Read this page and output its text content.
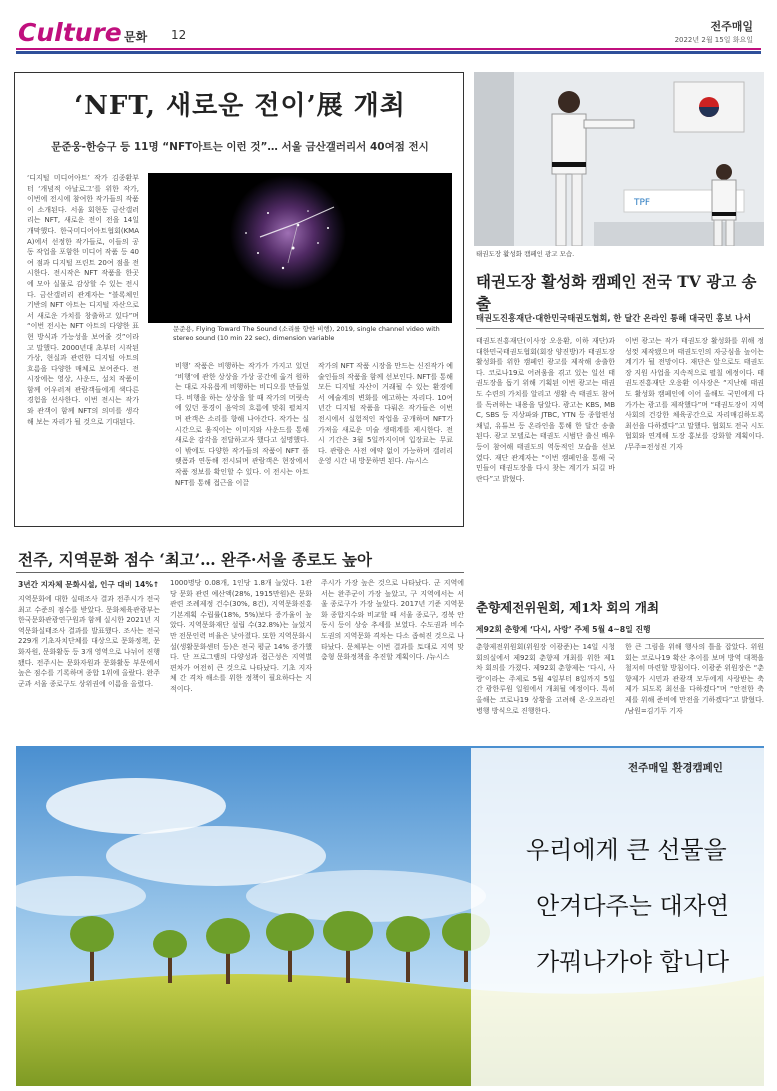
Culture 문화 12
전주매일
2022년 2월 15일 화요일
‘NFT, 새로운 전이’展 개최
문준웅-한승구 등 11명 “NFT아트는 이런 것”… 서울 금산갤러리서 40여점 전시
‘디지털 미디어아트’ 작가 김종환부터 ‘개념적 아날로그’를 위한 작가, 이번에 전시에 참여한 작가들의 작품이 소개된다. 서울 회현동 금산갤러리는 NFT, 새로운 전이 전을 14일 개막했다. 한국미디어아트협회(KMAA)에서 선정한 작가들로, 이들의 공동 작업을 포함한 미디어 작품 등 40여 점과 디지털 프린트 20여 점을 전시한다. 전시작은 NFT 작품을 한곳에 모아 실물로 감상할 수 있는 전시다. 금산갤러리 관계자는 “블록체인 기반의 NFT 아트는 디지털 자산으로서 새로운 가치를 창출하고 있다”며 “이번 전시는 NFT 아트의 다양한 표현 방식과 가능성을 보여줄 것”이라고 말했다. 2000년대 초부터 시작된 가상, 현실과 관련한 디지털 아트의 흐름을 다양한 매체로 보여준다. 전시장에는 영상, 사운드, 설치 작품이 함께 어우러져 관람객들에게 색다른 경험을 선사한다. 이번 전시는 작가와 관객이 함께 NFT의 의미를 생각해 보는 자리가 될 것으로 기대된다.
문준용, Flying Toward The Sound (소리를 향한 비행), 2019, single channel video with stereo sound (10 min 22 sec), dimension variable
비행’ 작품은 비행하는 작가가 가지고 있던 ‘비행’에 관한 상상을 가상 공간에 옮겨 원하는 대로 자유롭게 비행하는 비디오를 만들었다. 비행을 하는 상상을 할 때 작가의 머릿속에 있던 풍경이 음악의 흐름에 맞춰 펼쳐지며 관객은 소리를 향해 나아간다. 작가는 실시간으로 움직이는 이미지와 사운드를 통해 새로운 감각을 전달하고자 했다고 설명했다. 이 밖에도 다양한 작가들의 작품이 NFT 플랫폼과 연동해 전시되며 관람객은 현장에서 작품 정보를 확인할 수 있다. 이 전시는 아트 NFT를 통해 접근을 이끌
작가의 NFT 작품 시장을 만드는 신진작가 예술인들의 작품을 함께 선보인다. NFT를 통해 모든 디지털 자산이 거래될 수 있는 환경에서 예술계의 변화를 예고하는 자리다. 10여 년간 디지털 작품을 다뤄온 작가들은 이번 전시에서 실험적인 작업을 공개하며 NFT가 가져올 새로운 미술 생태계를 제시한다. 전시 기간은 3월 5일까지이며 입장료는 무료다. 관람은 사전 예약 없이 가능하며 갤러리 운영 시간 내 방문하면 된다. /뉴시스
TPF
태권도장 활성화 캠페인 광고 모습.
태권도장 활성화 캠페인 전국 TV 광고 송출
태권도진흥재단·대한민국태권도협회, 한 달간 온라인 통해 대국민 홍보 나서
태권도진흥재단(이사장 오응환, 이하 재단)과 대한민국태권도협회(회장 양진방)가 태권도장 활성화를 위한 캠페인 광고를 제작해 송출한다. 코로나19로 어려움을 겪고 있는 일선 태권도장을 돕기 위해 기획된 이번 광고는 태권도 수련의 가치를 알리고 생활 속 태권도 참여를 독려하는 내용을 담았다. 광고는 KBS, MBC, SBS 등 지상파와 JTBC, YTN 등 종합편성채널, 유튜브 등 온라인을 통해 한 달간 송출된다. 광고 모델로는 태권도 시범단 출신 배우 등이 참여해 태권도의 역동적인 모습을 선보였다. 재단 관계자는 “이번 캠페인을 통해 국민들이 태권도장을 다시 찾는 계기가 되길 바란다”고 밝혔다.
이번 광고는 작가 태권도장 활성화를 위해 정성껏 제작됐으며 태권도인의 자긍심을 높이는 계기가 될 전망이다. 재단은 앞으로도 태권도장 지원 사업을 지속적으로 펼칠 예정이다. 태권도진흥재단 오응환 이사장은 “지난해 태권도 활성화 캠페인에 이어 올해도 국민에게 다가가는 광고를 제작했다”며 “태권도장이 지역사회의 건강한 체육공간으로 자리매김하도록 최선을 다하겠다”고 말했다. 협회도 전국 시도협회와 연계해 도장 홍보를 강화할 계획이다. /무주=전성진 기자
전주, 지역문화 점수 ‘최고’… 완주·서울 종로도 높아
3년간 지자체 문화시설, 인구 대비 14%↑
지역문화에 대한 실태조사 결과 전주시가 전국 최고 수준의 점수를 받았다. 문화체육관광부는 한국문화관광연구원과 함께 실시한 2021년 지역문화실태조사 결과를 발표했다. 조사는 전국 229개 기초자치단체를 대상으로 문화정책, 문화자원, 문화활동 등 3개 영역으로 나뉘어 진행됐다. 전주시는 문화자원과 문화활동 부문에서 높은 점수를 기록하며 종합 1위에 올랐다. 완주군과 서울 종로구도 상위권에 이름을 올렸다.
1000명당 0.08개, 1인당 1.8개 늘었다. 1관당 문화 관련 예산액(28%, 1915만원)은 문화 관련 조례제정 건수(30%, 8건), 지역문화진흥 기본계획 수립률(18%, 5%)보다 증가율이 높았다. 지역문화재단 설립 수(32.8%)는 늘었지만 전문인력 비율은 낮아졌다. 또한 지역문화시설(생활문화센터 등)은 전국 평균 14% 증가했다. 단 프로그램의 다양성과 접근성은 지역별 편차가 여전히 큰 것으로 나타났다. 기초 지자체 간 격차 해소를 위한 정책이 필요하다는 지적이다.
주시가 가장 높은 것으로 나타났다. 군 지역에서는 완주군이 가장 높았고, 구 지역에서는 서울 종로구가 가장 높았다. 2017년 기준 지역문화 종합지수와 비교할 때 서울 종로구, 경북 안동시 등이 상승 추세를 보였다. 수도권과 비수도권의 지역문화 격차는 다소 좁혀진 것으로 나타났다. 문체부는 이번 결과를 토대로 지역 맞춤형 문화정책을 추진할 계획이다. /뉴시스
춘향제전위원회, 제1차 회의 개최
제92회 춘향제 ‘다시, 사랑’ 주제 5월 4~8일 진행
춘향제전위원회(위원장 이광준)는 14일 시청 회의실에서 제92회 춘향제 개최를 위한 제1차 회의를 가졌다. 제92회 춘향제는 ‘다시, 사랑’이라는 주제로 5월 4일부터 8일까지 5일간 광한루원 일원에서 개최될 예정이다. 특히 올해는 코로나19 상황을 고려해 온·오프라인 병행 방식으로 진행한다.
한 큰 그림을 위해 행사의 틀을 잡았다. 위원회는 코로나19 확산 추이를 보며 방역 대책을 철저히 마련할 방침이다. 이광준 위원장은 “춘향제가 시민과 관광객 모두에게 사랑받는 축제가 되도록 최선을 다하겠다”며 “안전한 축제를 위해 준비에 만전을 기하겠다”고 밝혔다. /남원=김기두 기자
전주매일 환경캠페인
우리에게 큰 선물을
안겨다주는 대자연
가꿔나가야 합니다
